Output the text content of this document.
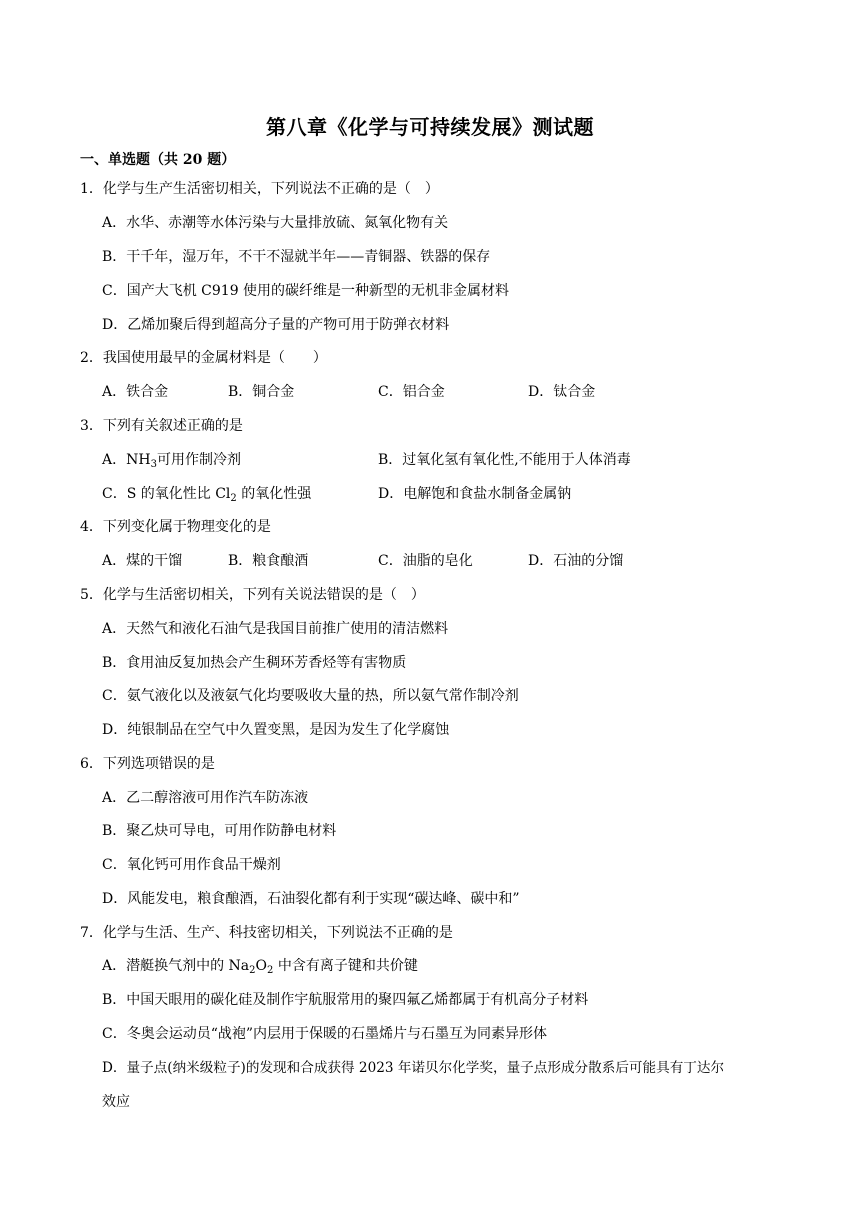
第八章《化学与可持续发展》测试题
一、单选题（共 20 题）
1．化学与生产生活密切相关，下列说法不正确的是（　）
A．水华、赤潮等水体污染与大量排放硫、氮氧化物有关
B．干千年，湿万年，不干不湿就半年——青铜器、铁器的保存
C．国产大飞机 C919 使用的碳纤维是一种新型的无机非金属材料
D．乙烯加聚后得到超高分子量的产物可用于防弹衣材料
2．我国使用最早的金属材料是（　　）
A．铁合金	B．铜合金	C．铝合金	D．钛合金
3．下列有关叙述正确的是
A．$NH_3$可用作制冷剂	B．过氧化氢有氧化性,不能用于人体消毒
C．S 的氧化性比 $Cl_2$ 的氧化性强	D．电解饱和食盐水制备金属钠
4．下列变化属于物理变化的是
A．煤的干馏	B．粮食酿酒	C．油脂的皂化	D．石油的分馏
5．化学与生活密切相关，下列有关说法错误的是（　）
A．天然气和液化石油气是我国目前推广使用的清洁燃料
B．食用油反复加热会产生稠环芳香烃等有害物质
C．氨气液化以及液氨气化均要吸收大量的热，所以氨气常作制冷剂
D．纯银制品在空气中久置变黑，是因为发生了化学腐蚀
6．下列选项错误的是
A．乙二醇溶液可用作汽车防冻液
B．聚乙炔可导电，可用作防静电材料
C．氧化钙可用作食品干燥剂
D．风能发电，粮食酿酒，石油裂化都有利于实现“碳达峰、碳中和”
7．化学与生活、生产、科技密切相关，下列说法不正确的是
A．潜艇换气剂中的 $Na_2O_2$ 中含有离子键和共价键
B．中国天眼用的碳化硅及制作宇航服常用的聚四氟乙烯都属于有机高分子材料
C．冬奥会运动员“战袍”内层用于保暖的石墨烯片与石墨互为同素异形体
D．量子点(纳米级粒子)的发现和合成获得 2023 年诺贝尔化学奖，量子点形成分散系后可能具有丁达尔
效应
